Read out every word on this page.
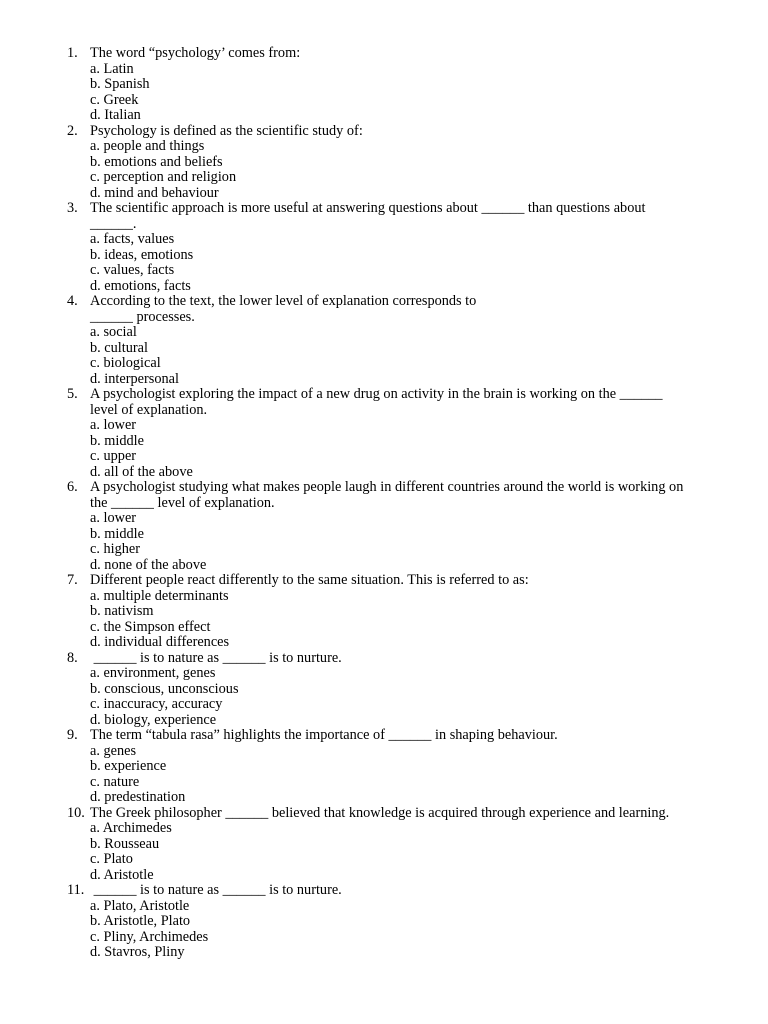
1. The word “psychology’ comes from:
a. Latin
b. Spanish
c. Greek
d. Italian
2. Psychology is defined as the scientific study of:
a. people and things
b. emotions and beliefs
c. perception and religion
d. mind and behaviour
3. The scientific approach is more useful at answering questions about ______ than questions about
______.
a. facts, values
b. ideas, emotions
c. values, facts
d. emotions, facts
4. According to the text, the lower level of explanation corresponds to
______ processes.
a. social
b. cultural
c. biological
d. interpersonal
5. A psychologist exploring the impact of a new drug on activity in the brain is working on the ______
level of explanation.
a. lower
b. middle
c. upper
d. all of the above
6. A psychologist studying what makes people laugh in different countries around the world is working on
the ______ level of explanation.
a. lower
b. middle
c. higher
d. none of the above
7. Different people react differently to the same situation. This is referred to as:
a. multiple determinants
b. nativism
c. the Simpson effect
d. individual differences
8. ______ is to nature as ______ is to nurture.
a. environment, genes
b. conscious, unconscious
c. inaccuracy, accuracy
d. biology, experience
9. The term “tabula rasa” highlights the importance of ______ in shaping behaviour.
a. genes
b. experience
c. nature
d. predestination
10. The Greek philosopher ______ believed that knowledge is acquired through experience and learning.
a. Archimedes
b. Rousseau
c. Plato
d. Aristotle
11. ______ is to nature as ______ is to nurture.
a. Plato, Aristotle
b. Aristotle, Plato
c. Pliny, Archimedes
d. Stavros, Pliny
